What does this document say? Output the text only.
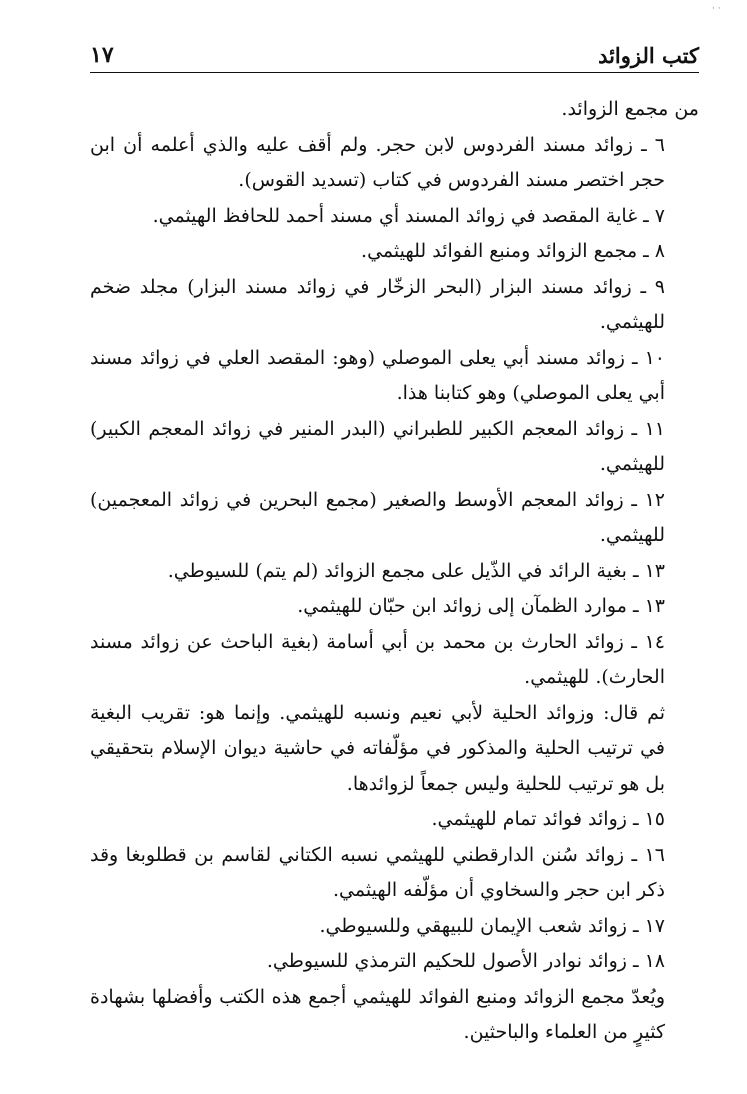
· ·
كتب الزوائد
١٧

من مجمع الزوائد.

٦ ـ زوائد مسند الفردوس لابن حجر. ولم أقف عليه والذي أعلمه أن ابن حجر اختصر مسند الفردوس في كتاب (تسديد القوس).

٧ ـ غاية المقصد في زوائد المسند أي مسند أحمد للحافظ الهيثمي.

٨ ـ مجمع الزوائد ومنبع الفوائد للهيثمي.

٩ ـ زوائد مسند البزار (البحر الزخّار في زوائد مسند البزار) مجلد ضخم للهيثمي.

١٠ ـ زوائد مسند أبي يعلى الموصلي (وهو: المقصد العلي في زوائد مسند أبي يعلى الموصلي) وهو كتابنا هذا.

١١ ـ زوائد المعجم الكبير للطبراني (البدر المنير في زوائد المعجم الكبير) للهيثمي.

١٢ ـ زوائد المعجم الأوسط والصغير (مجمع البحرين في زوائد المعجمين) للهيثمي.

١٣ ـ بغية الرائد في الذّيل على مجمع الزوائد (لم يتم) للسيوطي.

١٣ ـ موارد الظمآن إلى زوائد ابن حبّان للهيثمي.

١٤ ـ زوائد الحارث بن محمد بن أبي أسامة (بغية الباحث عن زوائد مسند الحارث). للهيثمي.

ثم قال: وزوائد الحلية لأبي نعيم ونسبه للهيثمي. وإنما هو: تقريب البغية في ترتيب الحلية والمذكور في مؤلّفاته في حاشية ديوان الإسلام بتحقيقي بل هو ترتيب للحلية وليس جمعاً لزوائدها.

١٥ ـ زوائد فوائد تمام للهيثمي.

١٦ ـ زوائد سُنن الدارقطني للهيثمي نسبه الكتاني لقاسم بن قطلوبغا وقد ذكر ابن حجر والسخاوي أن مؤلّفه الهيثمي.

١٧ ـ زوائد شعب الإيمان للبيهقي وللسيوطي.

١٨ ـ زوائد نوادر الأصول للحكيم الترمذي للسيوطي.

ويُعدّ مجمع الزوائد ومنبع الفوائد للهيثمي أجمع هذه الكتب وأفضلها بشهادة كثيرٍ من العلماء والباحثين.
